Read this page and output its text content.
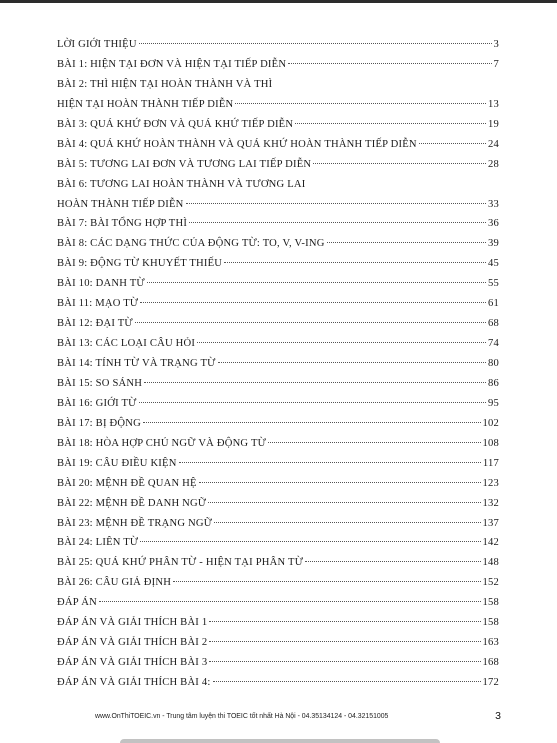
LỜI GIỚI THIỆU	3
BÀI 1: HIỆN TẠI ĐƠN VÀ HIỆN TẠI TIẾP DIỄN	7
BÀI 2: THÌ HIỆN TẠI HOÀN THÀNH VÀ THÌ
HIỆN TẠI HOÀN THÀNH TIẾP DIỄN	13
BÀI 3: QUÁ KHỨ ĐƠN VÀ QUÁ KHỨ TIẾP DIỄN	19
BÀI 4: QUÁ KHỨ HOÀN THÀNH VÀ QUÁ KHỨ HOÀN THÀNH TIẾP DIỄN	24
BÀI 5: TƯƠNG LAI ĐƠN VÀ TƯƠNG LAI TIẾP DIỄN	28
BÀI 6: TƯƠNG LAI HOÀN THÀNH VÀ TƯƠNG LAI
HOÀN THÀNH TIẾP DIỄN	33
BÀI 7: BÀI TỔNG HỢP THÌ	36
BÀI 8: CÁC DẠNG THỨC CỦA ĐỘNG TỪ: TO, V, V-ING	39
BÀI 9: ĐỘNG TỪ KHUYẾT THIẾU	45
BÀI 10: DANH TỪ	55
BÀI 11: MẠO TỪ	61
BÀI 12: ĐẠI TỪ	68
BÀI 13: CÁC LOẠI CÂU HỎI	74
BÀI 14: TÍNH TỪ VÀ TRẠNG TỪ	80
BÀI 15: SO SÁNH	86
BÀI 16: GIỚI TỪ	95
BÀI 17: BỊ ĐỘNG	102
BÀI 18: HÒA HỢP CHỦ NGỮ VÀ ĐỘNG TỪ	108
BÀI 19: CÂU ĐIỀU KIỆN	117
BÀI 20: MỆNH ĐỀ QUAN HỆ	123
BÀI 22: MỆNH ĐỀ DANH NGỮ	132
BÀI 23: MỆNH ĐỀ TRẠNG NGỮ	137
BÀI 24: LIÊN TỪ	142
BÀI 25: QUÁ KHỨ PHÂN TỪ - HIỆN TẠI PHÂN TỪ	148
BÀI 26: CÂU GIẢ ĐỊNH	152
ĐÁP ÁN	158
ĐÁP ÁN VÀ GIẢI THÍCH BÀI 1	158
ĐÁP ÁN VÀ GIẢI THÍCH BÀI 2	163
ĐÁP ÁN VÀ GIẢI THÍCH BÀI 3	168
ĐÁP ÁN VÀ GIẢI THÍCH BÀI 4:	172
www.OnThiTOEIC.vn - Trung tâm luyện thi TOEIC tốt nhất Hà Nội - 04.35134124 - 04.32151005	3
